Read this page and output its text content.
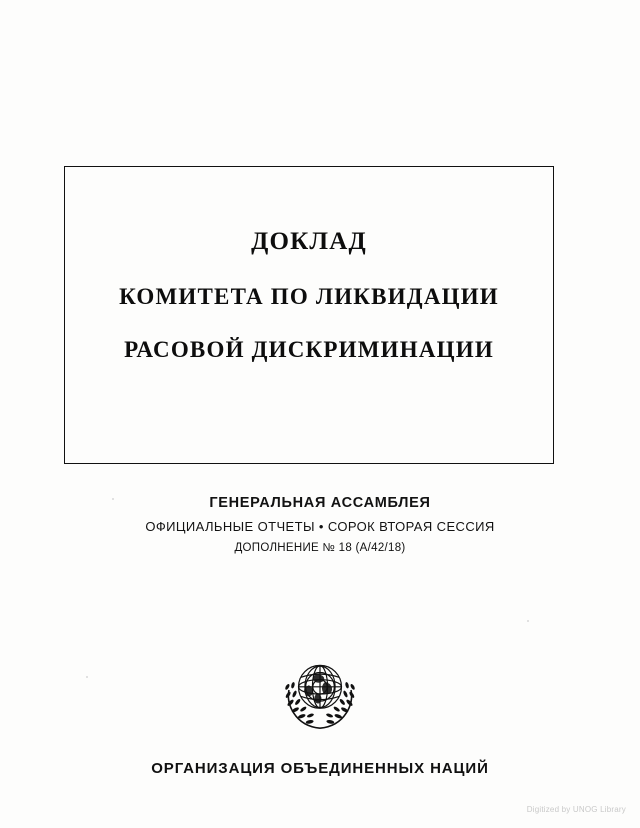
ДОКЛАД
КОМИТЕТА ПО ЛИКВИДАЦИИ
РАСОВОЙ ДИСКРИМИНАЦИИ
ГЕНЕРАЛЬНАЯ АССАМБЛЕЯ
ОФИЦИАЛЬНЫЕ ОТЧЕТЫ • СОРОК ВТОРАЯ СЕССИЯ
ДОПОЛНЕНИЕ № 18 (A/42/18)
ОРГАНИЗАЦИЯ ОБЪЕДИНЕННЫХ НАЦИЙ
Digitized by UNOG Library
